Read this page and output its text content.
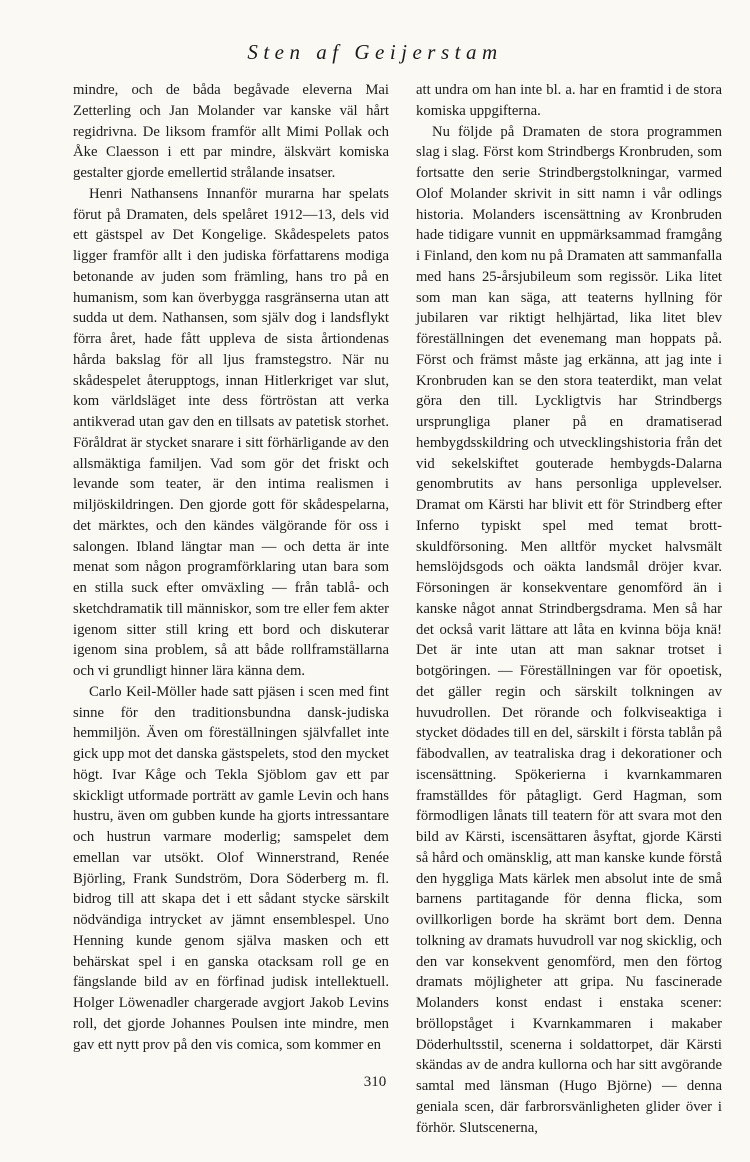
Sten af Geijerstam

mindre, och de båda begåvade eleverna Mai Zetterling och Jan Molander var kanske väl hårt regidrivna. De liksom framför allt Mimi Pollak och Åke Claesson i ett par mindre, älskvärt komiska gestalter gjorde emellertid strålande insatser.

Henri Nathansens Innanför murarna har spelats förut på Dramaten, dels spelåret 1912—13, dels vid ett gästspel av Det Kongelige. Skådespelets patos ligger framför allt i den judiska författarens modiga betonande av juden som främling, hans tro på en humanism, som kan överbygga rasgränserna utan att sudda ut dem. Nathansen, som själv dog i landsflykt förra året, hade fått uppleva de sista årtiondenas hårda bakslag för all ljus framstegstro. När nu skådespelet återupptogs, innan Hitlerkriget var slut, kom världsläget inte dess förtröstan att verka antikverad utan gav den en tillsats av patetisk storhet. Föråldrat är stycket snarare i sitt förhärligande av den allsmäktiga familjen. Vad som gör det friskt och levande som teater, är den intima realismen i miljöskildringen. Den gjorde gott för skådespelarna, det märktes, och den kändes välgörande för oss i salongen. Ibland längtar man — och detta är inte menat som någon programförklaring utan bara som en stilla suck efter omväxling — från tablå- och sketchdramatik till människor, som tre eller fem akter igenom sitter still kring ett bord och diskuterar igenom sina problem, så att både rollframställarna och vi grundligt hinner lära känna dem.

Carlo Keil-Möller hade satt pjäsen i scen med fint sinne för den traditionsbundna dansk-judiska hemmiljön. Även om föreställningen självfallet inte gick upp mot det danska gästspelets, stod den mycket högt. Ivar Kåge och Tekla Sjöblom gav ett par skickligt utformade porträtt av gamle Levin och hans hustru, även om gubben kunde ha gjorts intressantare och hustrun varmare moderlig; samspelet dem emellan var utsökt. Olof Winnerstrand, Renée Björling, Frank Sundström, Dora Söderberg m. fl. bidrog till att skapa det i ett sådant stycke särskilt nödvändiga intrycket av jämnt ensemblespel. Uno Henning kunde genom själva masken och ett behärskat spel i en ganska otacksam roll ge en fängslande bild av en förfinad judisk intellektuell. Holger Löwenadler chargerade avgjort Jakob Levins roll, det gjorde Johannes Poulsen inte mindre, men gav ett nytt prov på den vis comica, som kommer en

att undra om han inte bl. a. har en framtid i de stora komiska uppgifterna.

Nu följde på Dramaten de stora programmen slag i slag. Först kom Strindbergs Kronbruden, som fortsatte den serie Strindbergstolkningar, varmed Olof Molander skrivit in sitt namn i vår odlings historia. Molanders iscensättning av Kronbruden hade tidigare vunnit en uppmärksammad framgång i Finland, den kom nu på Dramaten att sammanfalla med hans 25-årsjubileum som regissör. Lika litet som man kan säga, att teaterns hyllning för jubilaren var riktigt helhjärtad, lika litet blev föreställningen det evenemang man hoppats på. Först och främst måste jag erkänna, att jag inte i Kronbruden kan se den stora teaterdikt, man velat göra den till. Lyckligtvis har Strindbergs ursprungliga planer på en dramatiserad hembygdsskildring och utvecklingshistoria från det vid sekelskiftet gouterade hembygds-Dalarna genombrutits av hans personliga upplevelser. Dramat om Kärsti har blivit ett för Strindberg efter Inferno typiskt spel med temat brott-skuldförsoning. Men alltför mycket halvsmält hemslöjdsgods och oäkta landsmål dröjer kvar. Försoningen är konsekventare genomförd än i kanske något annat Strindbergsdrama. Men så har det också varit lättare att låta en kvinna böja knä! Det är inte utan att man saknar trotset i botgöringen. — Föreställningen var för opoetisk, det gäller regin och särskilt tolkningen av huvudrollen. Det rörande och folkviseaktiga i stycket dödades till en del, särskilt i första tablån på fäbodvallen, av teatraliska drag i dekorationer och iscensättning. Spökerierna i kvarnkammaren framställdes för påtagligt. Gerd Hagman, som förmodligen lånats till teatern för att svara mot den bild av Kärsti, iscensättaren åsyftat, gjorde Kärsti så hård och omänsklig, att man kanske kunde förstå den hyggliga Mats kärlek men absolut inte de små barnens partitagande för denna flicka, som ovillkorligen borde ha skrämt bort dem. Denna tolkning av dramats huvudroll var nog skicklig, och den var konsekvent genomförd, men den förtog dramats möjligheter att gripa. Nu fascinerade Molanders konst endast i enstaka scener: bröllopståget i Kvarnkammaren i makaber Döderhultsstil, scenerna i soldattorpet, där Kärsti skändas av de andra kullorna och har sitt avgörande samtal med länsman (Hugo Björne) — denna geniala scen, där farbrorsvänligheten glider över i förhör. Slutscenerna,

310
